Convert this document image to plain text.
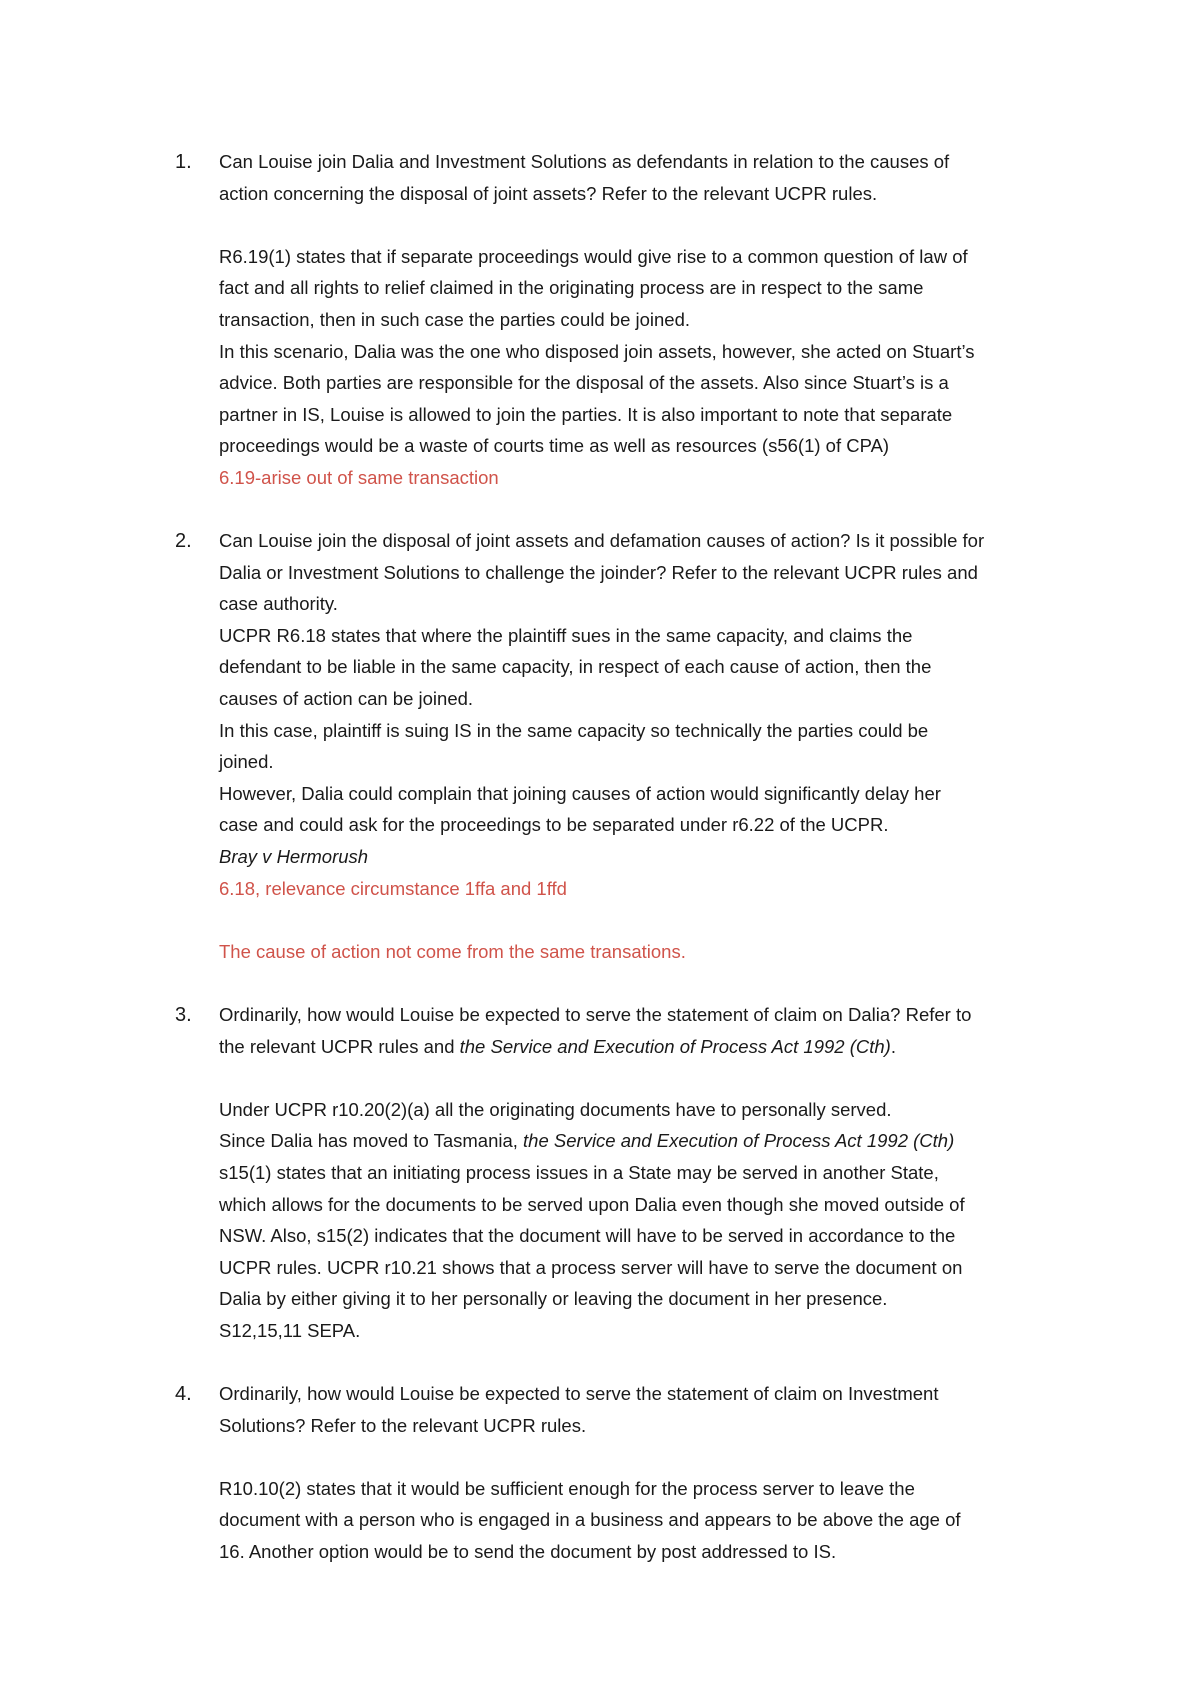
1. Can Louise join Dalia and Investment Solutions as defendants in relation to the causes of
action concerning the disposal of joint assets? Refer to the relevant UCPR rules.
R6.19(1) states that if separate proceedings would give rise to a common question of law of
fact and all rights to relief claimed in the originating process are in respect to the same
transaction, then in such case the parties could be joined.
In this scenario, Dalia was the one who disposed join assets, however, she acted on Stuart’s
advice. Both parties are responsible for the disposal of the assets. Also since Stuart’s is a
partner in IS, Louise is allowed to join the parties. It is also important to note that separate
proceedings would be a waste of courts time as well as resources (s56(1) of CPA)
6.19-arise out of same transaction
2. Can Louise join the disposal of joint assets and defamation causes of action? Is it possible for
Dalia or Investment Solutions to challenge the joinder? Refer to the relevant UCPR rules and
case authority.
UCPR R6.18 states that where the plaintiff sues in the same capacity, and claims the
defendant to be liable in the same capacity, in respect of each cause of action, then the
causes of action can be joined.
In this case, plaintiff is suing IS in the same capacity so technically the parties could be
joined.
However, Dalia could complain that joining causes of action would significantly delay her
case and could ask for the proceedings to be separated under r6.22 of the UCPR.
Bray v Hermorush
6.18, relevance circumstance 1ffa and 1ffd
The cause of action not come from the same transations.
3. Ordinarily, how would Louise be expected to serve the statement of claim on Dalia? Refer to
the relevant UCPR rules and the Service and Execution of Process Act 1992 (Cth).
Under UCPR r10.20(2)(a) all the originating documents have to personally served.
Since Dalia has moved to Tasmania, the Service and Execution of Process Act 1992 (Cth)
s15(1) states that an initiating process issues in a State may be served in another State,
which allows for the documents to be served upon Dalia even though she moved outside of
NSW. Also, s15(2) indicates that the document will have to be served in accordance to the
UCPR rules. UCPR r10.21 shows that a process server will have to serve the document on
Dalia by either giving it to her personally or leaving the document in her presence.
S12,15,11 SEPA.
4. Ordinarily, how would Louise be expected to serve the statement of claim on Investment
Solutions? Refer to the relevant UCPR rules.
R10.10(2) states that it would be sufficient enough for the process server to leave the
document with a person who is engaged in a business and appears to be above the age of
16. Another option would be to send the document by post addressed to IS.
